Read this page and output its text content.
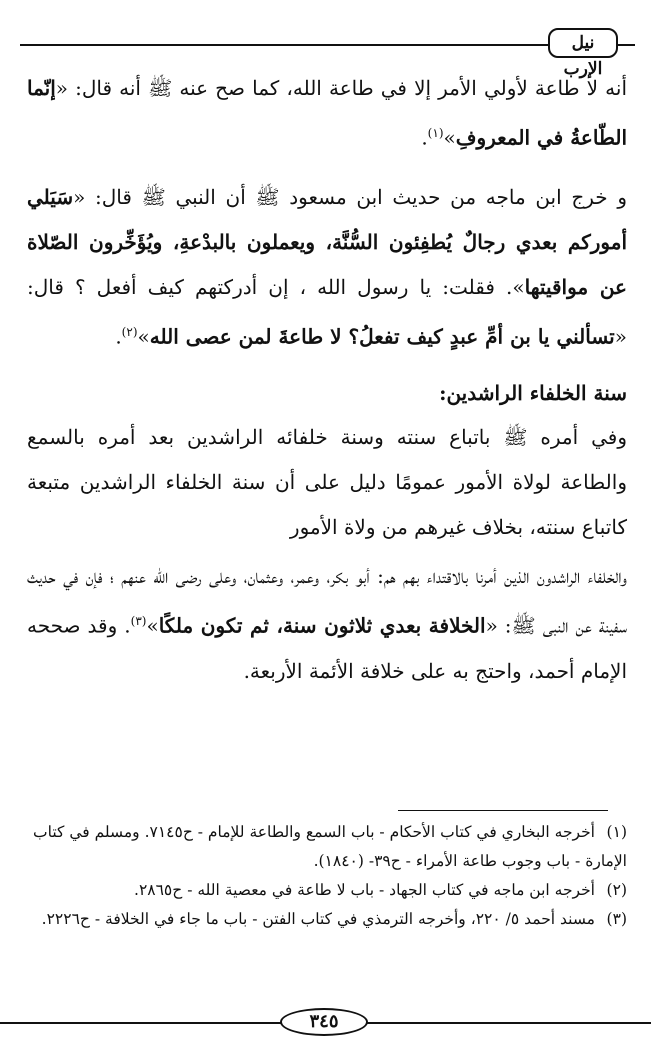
نيل الإرب

أنه لا طاعة لأولي الأمر إلا في طاعة الله، كما صح عنه ﷺ أنه قال: «إنّما الطّاعةُ في المعروفِ»$^{(١)}$.

و خرج ابن ماجه من حديث ابن مسعود ﷺ أن النبي ﷺ قال: «سَيَلي أموركم بعدي رجالٌ يُطفِئون السُّنَّة، ويعملون بالبدْعةِ، ويُؤَخِّرون الصّلاة عن مواقيتها». فقلت: يا رسول الله ، إن أدركتهم كيف أفعل ؟ قال: «تسألني يا بن أمِّ عبدٍ كيف تفعلُ؟ لا طاعةَ لمن عصى الله»$^{(٢)}$.

سنة الخلفاء الراشدين:

وفي أمره ﷺ باتباع سنته وسنة خلفائه الراشدين بعد أمره بالسمع والطاعة لولاة الأمور عمومًا دليل على أن سنة الخلفاء الراشدين متبعة كاتباع سنته، بخلاف غيرهم من ولاة الأمور

والخلفاء الراشدون الذين أمرنا بالاقتداء بهم هم: أبو بكر، وعمر، وعثمان، وعلى رضى الله عنهم ؛ فإن في حديث سفينة عن النبى ﷺ: «الخلافة بعدي ثلاثون سنة، ثم تكون ملكًا»$^{(٣)}$. وقد صححه الإمام أحمد، واحتج به على خلافة الأئمة الأربعة.

(١)أخرجه البخاري في كتاب الأحكام - باب السمع والطاعة للإمام - ح٧١٤٥. ومسلم في كتاب الإمارة - باب وجوب طاعة الأمراء - ح٣٩- (١٨٤٠).

(٢)أخرجه ابن ماجه في كتاب الجهاد - باب لا طاعة في معصية الله - ح٢٨٦٥.

(٣)مسند أحمد ٥/ ٢٢٠، وأخرجه الترمذي في كتاب الفتن - باب ما جاء في الخلافة - ح٢٢٢٦.

٣٤٥
